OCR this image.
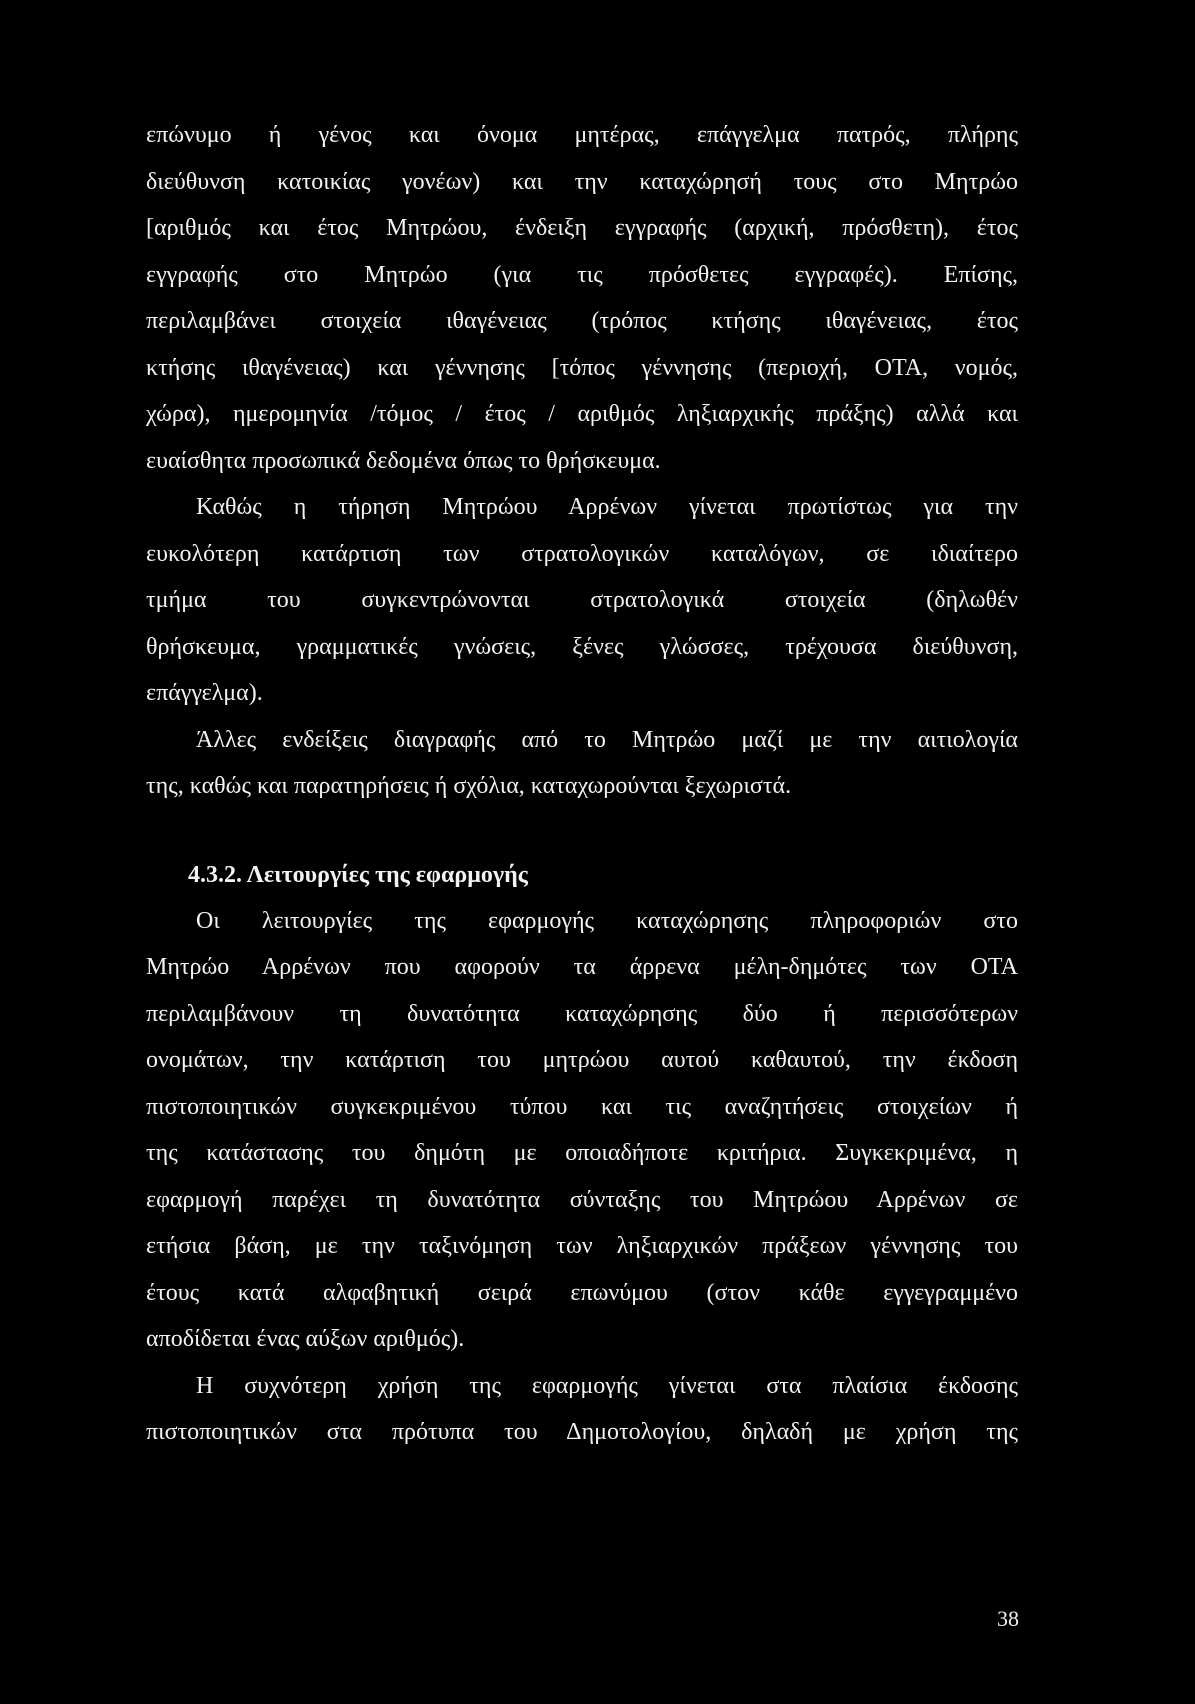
επώνυμο ή γένος και όνομα μητέρας, επάγγελμα πατρός, πλήρης
διεύθυνση κατοικίας γονέων) και την καταχώρησή τους στο Μητρώο
[αριθμός και έτος Μητρώου, ένδειξη εγγραφής (αρχική, πρόσθετη), έτος
εγγραφής στο Μητρώο (για τις πρόσθετες εγγραφές). Επίσης,
περιλαμβάνει στοιχεία ιθαγένειας (τρόπος κτήσης ιθαγένειας, έτος
κτήσης ιθαγένειας) και γέννησης [τόπος γέννησης (περιοχή, ΟΤΑ, νομός,
χώρα), ημερομηνία /τόμος / έτος / αριθμός ληξιαρχικής πράξης) αλλά και
ευαίσθητα προσωπικά δεδομένα όπως το θρήσκευμα.
Καθώς η τήρηση Μητρώου Αρρένων γίνεται πρωτίστως για την
ευκολότερη κατάρτιση των στρατολογικών καταλόγων, σε ιδιαίτερο
τμήμα του συγκεντρώνονται στρατολογικά στοιχεία (δηλωθέν
θρήσκευμα, γραμματικές γνώσεις, ξένες γλώσσες, τρέχουσα διεύθυνση,
επάγγελμα).
Άλλες ενδείξεις διαγραφής από το Μητρώο μαζί με την αιτιολογία
της, καθώς και παρατηρήσεις ή σχόλια, καταχωρούνται ξεχωριστά.
4.3.2. Λειτουργίες της εφαρμογής
Οι λειτουργίες της εφαρμογής καταχώρησης πληροφοριών στο
Μητρώο Αρρένων που αφορούν τα άρρενα μέλη-δημότες των ΟΤΑ
περιλαμβάνουν τη δυνατότητα καταχώρησης δύο ή περισσότερων
ονομάτων, την κατάρτιση του μητρώου αυτού καθαυτού, την έκδοση
πιστοποιητικών συγκεκριμένου τύπου και τις αναζητήσεις στοιχείων ή
της κατάστασης του δημότη με οποιαδήποτε κριτήρια. Συγκεκριμένα, η
εφαρμογή παρέχει τη δυνατότητα σύνταξης του Μητρώου Αρρένων σε
ετήσια βάση, με την ταξινόμηση των ληξιαρχικών πράξεων γέννησης του
έτους κατά αλφαβητική σειρά επωνύμου (στον κάθε εγγεγραμμένο
αποδίδεται ένας αύξων αριθμός).
Η συχνότερη χρήση της εφαρμογής γίνεται στα πλαίσια έκδοσης
πιστοποιητικών στα πρότυπα του Δημοτολογίου, δηλαδή με χρήση της
38
